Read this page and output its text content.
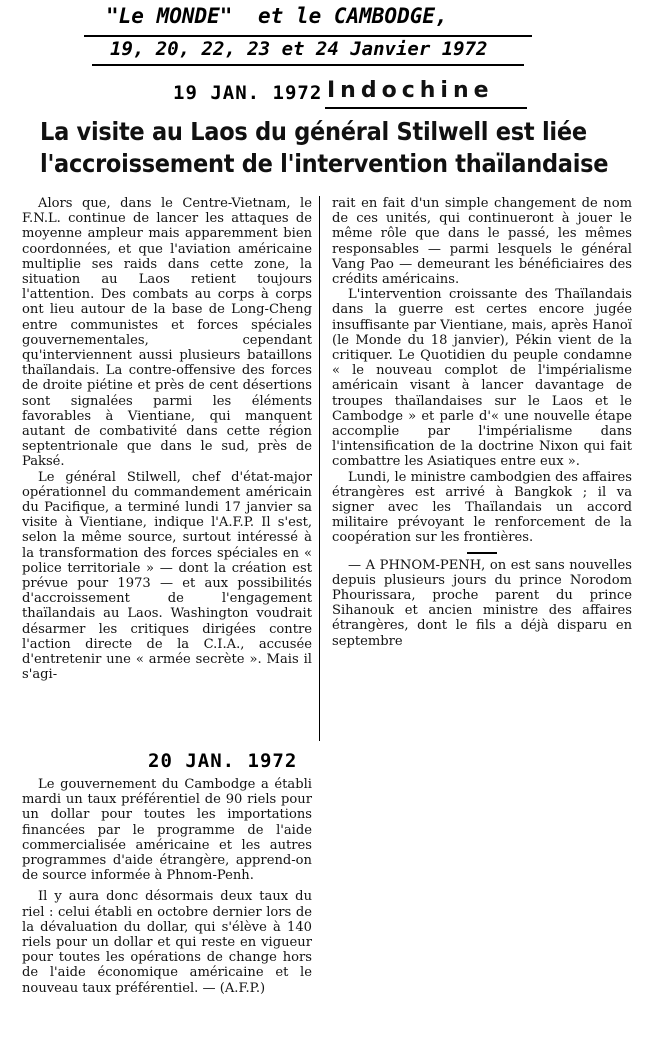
"Le MONDE" et le CAMBODGE,
19, 20, 22, 23 et 24 Janvier 1972
19 JAN. 1972 Indochine
La visite au Laos du général Stilwell est liée
l'accroissement de l'intervention thaïlandaise

Alors que, dans le Centre-Vietnam, le F.N.L. continue de lancer les attaques de moyenne ampleur mais apparemment bien coordonnées, et que l'aviation américaine multiplie ses raids dans cette zone, la situation au Laos retient toujours l'attention. Des combats au corps à corps ont lieu autour de la base de Long-Cheng entre communistes et forces spéciales gouvernementales, cependant qu'interviennent aussi plusieurs bataillons thaïlandais. La contre-offensive des forces de droite piétine et près de cent désertions sont signalées parmi les éléments favorables à Vientiane, qui manquent autant de combativité dans cette région septentrionale que dans le sud, près de Paksé.

Le général Stilwell, chef d'état-major opérationnel du commandement américain du Pacifique, a terminé lundi 17 janvier sa visite à Vientiane, indique l'A.F.P. Il s'est, selon la même source, surtout intéressé à la transformation des forces spéciales en « police territoriale » — dont la création est prévue pour 1973 — et aux possibilités d'accroissement de l'engagement thaïlandais au Laos. Washington voudrait désarmer les critiques dirigées contre l'action directe de la C.I.A., accusée d'entretenir une « armée secrète ». Mais il s'agi-

rait en fait d'un simple changement de nom de ces unités, qui continueront à jouer le même rôle que dans le passé, les mêmes responsables — parmi lesquels le général Vang Pao — demeurant les bénéficiaires des crédits américains.

L'intervention croissante des Thaïlandais dans la guerre est certes encore jugée insuffisante par Vientiane, mais, après Hanoï (le Monde du 18 janvier), Pékin vient de la critiquer. Le Quotidien du peuple condamne « le nouveau complot de l'impérialisme américain visant à lancer davantage de troupes thaïlandaises sur le Laos et le Cambodge » et parle d'« une nouvelle étape accomplie par l'impérialisme dans l'intensification de la doctrine Nixon qui fait combattre les Asiatiques entre eux ».

Lundi, le ministre cambodgien des affaires étrangères est arrivé à Bangkok ; il va signer avec les Thaïlandais un accord militaire prévoyant le renforcement de la coopération sur les frontières.

— A PHNOM-PENH, on est sans nouvelles depuis plusieurs jours du prince Norodom Phourissara, proche parent du prince Sihanouk et ancien ministre des affaires étrangères, dont le fils a déjà disparu en septembre

20 JAN. 1972

Le gouvernement du Cambodge a établi mardi un taux préférentiel de 90 riels pour un dollar pour toutes les importations financées par le programme de l'aide commercialisée américaine et les autres programmes d'aide étrangère, apprend-on de source informée à Phnom-Penh.

Il y aura donc désormais deux taux du riel : celui établi en octobre dernier lors de la dévaluation du dollar, qui s'élève à 140 riels pour un dollar et qui reste en vigueur pour toutes les opérations de change hors de l'aide économique américaine et le nouveau taux préférentiel. — (A.F.P.)
